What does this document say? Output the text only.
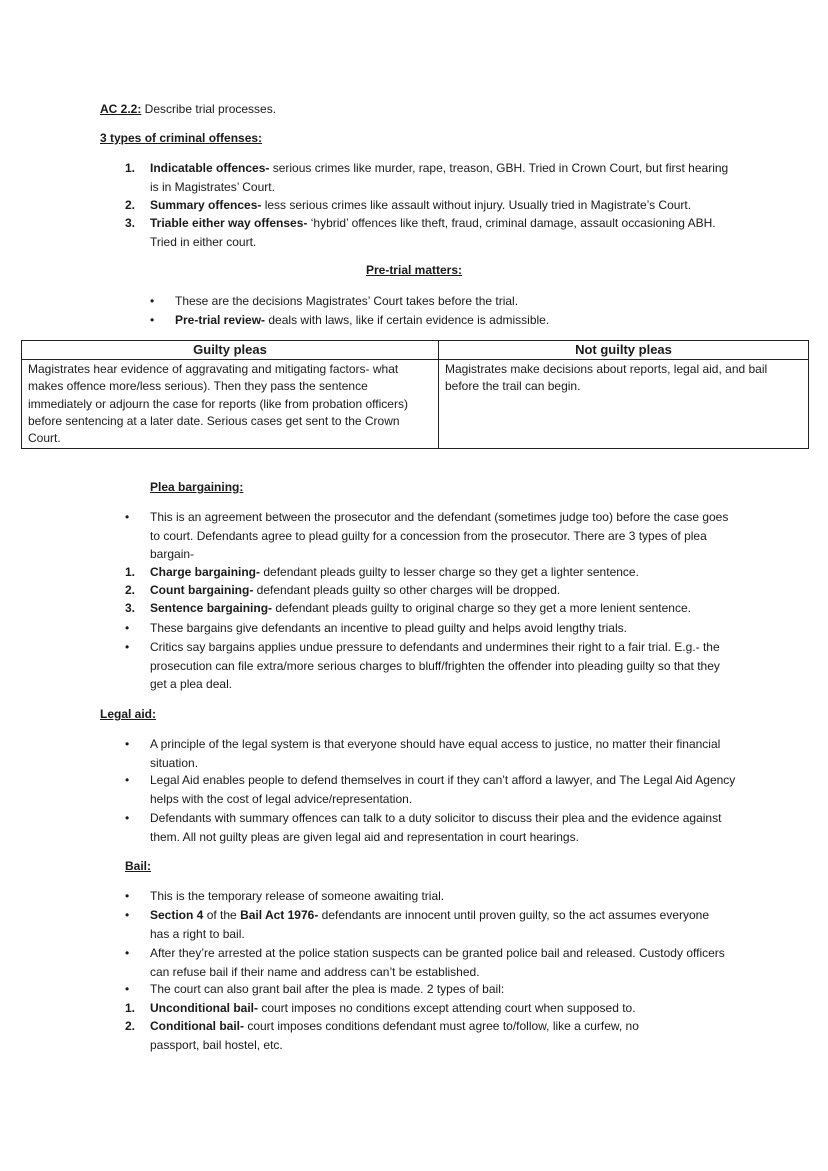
AC 2.2: Describe trial processes.
3 types of criminal offenses:
1. Indicatable offences- serious crimes like murder, rape, treason, GBH. Tried in Crown Court, but first hearing is in Magistrates’ Court.
2. Summary offences- less serious crimes like assault without injury. Usually tried in Magistrate’s Court.
3. Triable either way offenses- ‘hybrid’ offences like theft, fraud, criminal damage, assault occasioning ABH. Tried in either court.
Pre-trial matters:
• These are the decisions Magistrates’ Court takes before the trial.
• Pre-trial review- deals with laws, like if certain evidence is admissible.
Guilty pleas	Not guilty pleas
Magistrates hear evidence of aggravating and mitigating factors- what makes offence more/less serious). Then they pass the sentence immediately or adjourn the case for reports (like from probation officers) before sentencing at a later date. Serious cases get sent to the Crown Court.	Magistrates make decisions about reports, legal aid, and bail before the trail can begin.
Plea bargaining:
• This is an agreement between the prosecutor and the defendant (sometimes judge too) before the case goes to court. Defendants agree to plead guilty for a concession from the prosecutor. There are 3 types of plea bargain-
1. Charge bargaining- defendant pleads guilty to lesser charge so they get a lighter sentence.
2. Count bargaining- defendant pleads guilty so other charges will be dropped.
3. Sentence bargaining- defendant pleads guilty to original charge so they get a more lenient sentence.
• These bargains give defendants an incentive to plead guilty and helps avoid lengthy trials.
• Critics say bargains applies undue pressure to defendants and undermines their right to a fair trial. E.g.- the prosecution can file extra/more serious charges to bluff/frighten the offender into pleading guilty so that they get a plea deal.
Legal aid:
• A principle of the legal system is that everyone should have equal access to justice, no matter their financial situation.
• Legal Aid enables people to defend themselves in court if they can’t afford a lawyer, and The Legal Aid Agency helps with the cost of legal advice/representation.
• Defendants with summary offences can talk to a duty solicitor to discuss their plea and the evidence against them. All not guilty pleas are given legal aid and representation in court hearings.
Bail:
• This is the temporary release of someone awaiting trial.
• Section 4 of the Bail Act 1976- defendants are innocent until proven guilty, so the act assumes everyone has a right to bail.
• After they’re arrested at the police station suspects can be granted police bail and released. Custody officers can refuse bail if their name and address can’t be established.
• The court can also grant bail after the plea is made. 2 types of bail:
1. Unconditional bail- court imposes no conditions except attending court when supposed to.
2. Conditional bail- court imposes conditions defendant must agree to/follow, like a curfew, no passport, bail hostel, etc.
